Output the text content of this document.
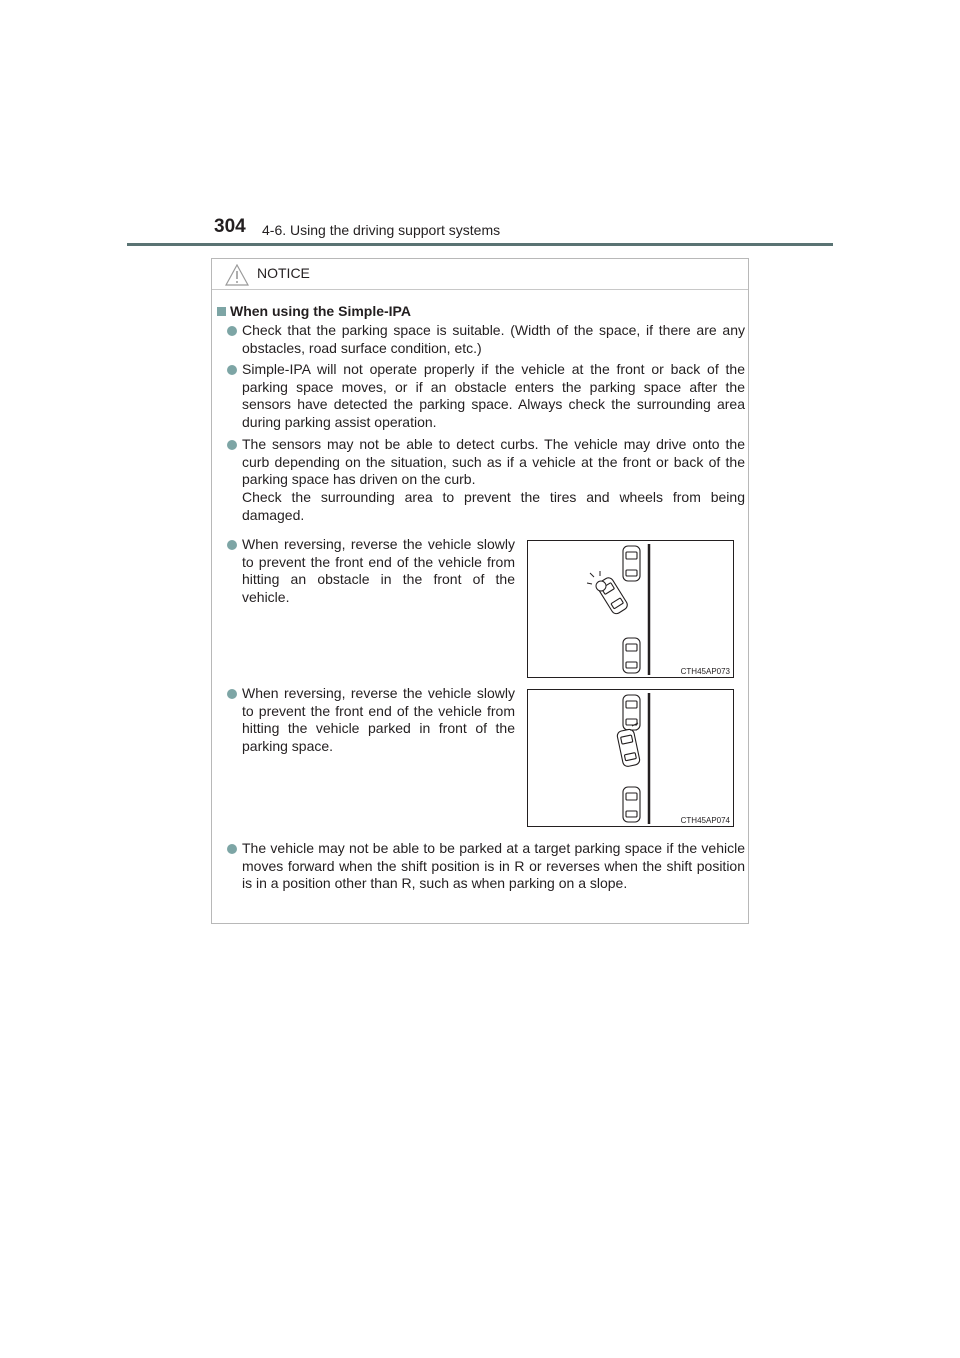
304 4-6. Using the driving support systems
NOTICE
When using the Simple-IPA
Check that the parking space is suitable. (Width of the space, if there are any obstacles, road surface condition, etc.)
Simple-IPA will not operate properly if the vehicle at the front or back of the parking space moves, or if an obstacle enters the parking space after the sensors have detected the parking space. Always check the surrounding area during parking assist operation.
The sensors may not be able to detect curbs. The vehicle may drive onto the curb depending on the situation, such as if a vehicle at the front or back of the parking space has driven on the curb.
Check the surrounding area to prevent the tires and wheels from being damaged.
When reversing, reverse the vehicle slowly to prevent the front end of the vehicle from hitting an obstacle in the front of the vehicle.
CTH45AP073
When reversing, reverse the vehicle slowly to prevent the front end of the vehicle from hitting the vehicle parked in front of the parking space.
CTH45AP074
The vehicle may not be able to be parked at a target parking space if the vehicle moves forward when the shift position is in R or reverses when the shift position is in a position other than R, such as when parking on a slope.
